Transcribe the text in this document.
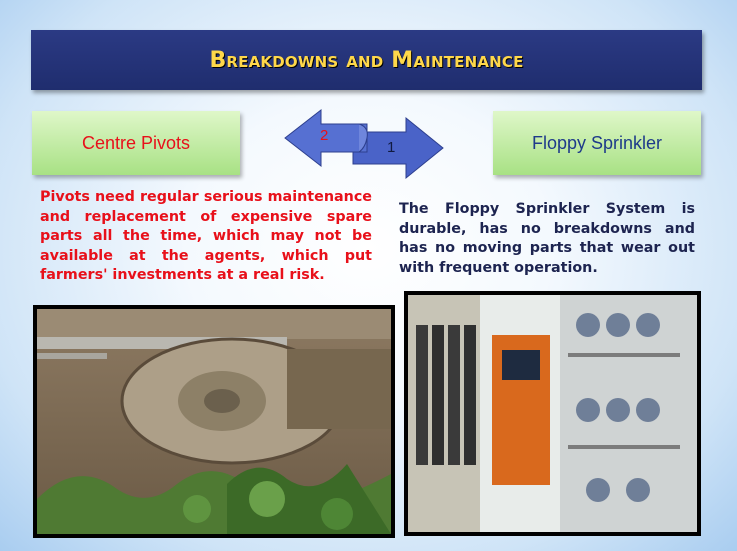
Breakdowns and Maintenance
Centre Pivots	Floppy Sprinkler
2
1
Pivots need regular serious maintenance and replacement of expensive spare parts all the time, which may not be available at the agents, which put farmers' investments at a real risk.
The Floppy Sprinkler System is durable, has no breakdowns and has no moving parts that wear out with frequent operation.
